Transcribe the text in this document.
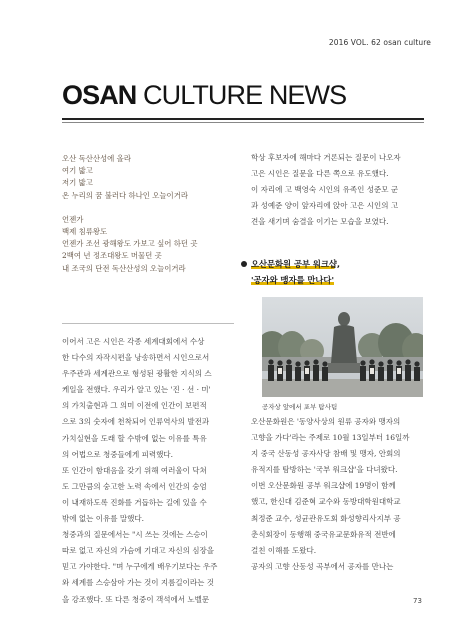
2016 VOL. 62 osan culture
OSAN CULTURE NEWS
오산 독산산성에 올라
여기 밟고
저기 밟고
온 누리의 꿈 불러다 하나인 오늘이거라
언젠가
백제 침류왕도
언젠가 조선 광해왕도 가보고 싶어 하던 곳
2백여 년 정조대왕도 머물던 곳
내 조국의 단전 독산산성의 오늘이거라
이어서 고은 시인은 각종 세계대회에서 수상
한 다수의 자작시편을 낭송하면서 시인으로서
우주관과 세계관으로 형성된 광활한 지식의 스
케일을 전했다. 우리가 알고 있는 '진 · 선 · 미'
의 가치출현과 그 의미 이전에 인간이 보편적
으로 3의 숫자에 천착되어 인류역사의 발전과
가치실현을 도래 할 수밖에 없는 이유를 특유
의 어법으로 청중들에게 피력했다.
또 인간이 함대음을 갖기 위해 여러울이 닥쳐
도 그만큼의 숭고한 노력 속에서 인간의 숭엄
이 내재하도록 진화를 거듭하는 길에 있을 수
밖에 없는 이유를 말했다.
청중과의 질문에서는 "시 쓰는 것에는 스승이
따로 없고 자신의 가슴에 기대고 자신의 심장을
믿고 가야한다. "며 누구에게 배우기보다는 우주
와 세계를 스승삼아 가는 것이 지름길이라는 것
을 강조했다. 또 다른 청중이 객석에서 노벨문
학상 후보자에 해마다 거론되는 질문이 나오자
고은 시인은 질문을 다른 쪽으로 유도했다.
이 자리에 고 백영숙 시인의 유족인 성준모 군
과 성예준 양이 앞자리에 앉아 고은 시인의 고
견을 새기며 숨결을 이기는 모습을 보였다.
오산문화원 공부 워크샵,
'공자와 맹자를 만나다'
공자상 앞에서 포부 탐사팀
오산문화원은 '동양사상의 원류 공자와 맹자의
고향을 가다'라는 주제로 10월 13일부터 16일까
지 중국 산동성 공자사당 참배 및 맹자, 안회의
유적지를 탐방하는 '국부 워크샵'을 다녀왔다.
이번 오산문화원 공부 워크샵에 19명이 함께
했고, 한신대 김준혁 교수와 동방대학원대학교
최정준 교수, 성균관유도회 화성향리사지부 공
춘식회장이 동행해 중국유교문화유적 전반에
걸친 이해를 도왔다.
공자의 고향 산동성 곡부에서 공자를 만나는
73
